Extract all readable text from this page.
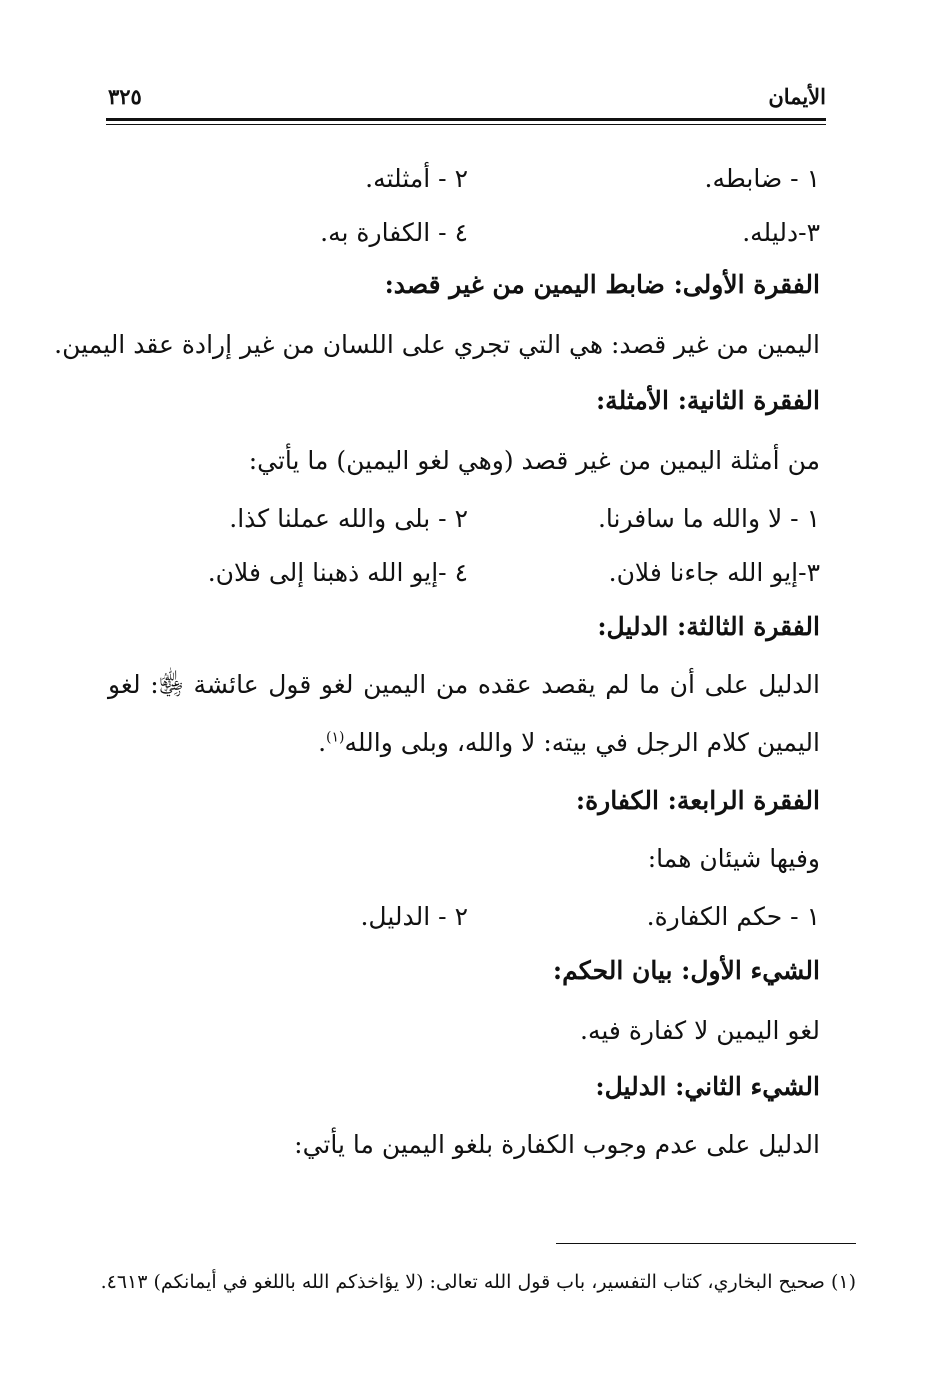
الأيمان
٣٢٥
١ - ضابطه.
٢ - أمثلته.
٣-دليله.
٤ - الكفارة به.
الفقرة الأولى: ضابط اليمين من غير قصد:
اليمين من غير قصد: هي التي تجري على اللسان من غير إرادة عقد اليمين.
الفقرة الثانية: الأمثلة:
من أمثلة اليمين من غير قصد (وهي لغو اليمين) ما يأتي:
١ - لا والله ما سافرنا.
٢ - بلى والله عملنا كذا.
٣-إيو الله جاءنا فلان.
٤ -إيو الله ذهبنا إلى فلان.
الفقرة الثالثة: الدليل:
الدليل على أن ما لم يقصد عقده من اليمين لغو قول عائشة ﵂: لغو
اليمين كلام الرجل في بيته: لا والله، وبلى والله$^{(١)}$.
الفقرة الرابعة: الكفارة:
وفيها شيئان هما:
١ - حكم الكفارة.
٢ - الدليل.
الشيء الأول: بيان الحكم:
لغو اليمين لا كفارة فيه.
الشيء الثاني: الدليل:
الدليل على عدم وجوب الكفارة بلغو اليمين ما يأتي:
(١) صحيح البخاري، كتاب التفسير، باب قول الله تعالى: (لا يؤاخذكم الله باللغو في أيمانكم) ٤٦١٣.
